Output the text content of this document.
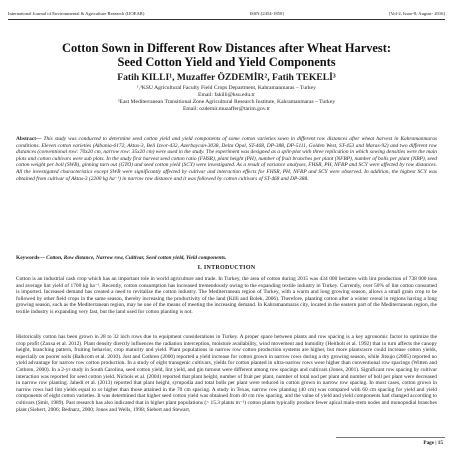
International Journal of Environmental & Agriculture Research (IJOEAR)	ISSN:[2454-1850]	[Vol-2, Issue-8, August- 2016]
Cotton Sown in Different Row Distances after Wheat Harvest:
Seed Cotton Yield and Yield Components
Fatih KILLI¹, Muzaffer ÖZDEMİR², Fatih TEKELİ³
¹,³KSU Agricultural Faculty Field Crops Department, Kahramanmaras – Turkey
Email: fakilli@ksu.edu.tr
²East Mediterranean Transitional Zone Agricultural Research Institute, Kahramanmaras – Turkey
Email: ozdemir.muzaffer@tarim.gov.tr
Abstract— This study was conducted to determine seed cotton yield and yield components of some cotton varieties sown in different row distances after wheat harvest in Kahramanmaras conditions. Eleven cotton varieties (Albania-6172, Aktas-3, Beli Izvor-432, Azerbaycan-3038, Delta Opal, ST-468, DP-388, DP-5111, Golden West, ST-453 and Maras-92) and two different row distances (conventional row: 70x20 cm, narrow row: 35x20 cm) were used in the study. The experiment was designed as a split-plot with three replication in which sowing densities were the main plots and cotton cultivars were sub plots. In the study first harvest seed cotton ratio (FHSR), plant height (PH), number of fruit branches per plant (NFBP), number of bolls per plant (NBP), seed cotton weight per boll (SWB), ginning turn out (GTO) and seed cotton yield (SCY) were investigated. As a result of variance analyses, FHSR, PH, NFBP and SCY were affected by row distances. All the investigated characteristics except SWB were significantly affected by cultivar and interaction effects for FHSR, PH, NFBP and SCY were observed. In addition, the highest SCY was obtained from cultivar of Aktas-3 (2200 kg ha⁻¹) in narrow row distance and it was followed by cotton cultivars of ST-468 and DP-388.
Keywords— Cotton, Row distance, Narrow row, Cultivar, Seed cotton yield, Yield components.
I. INTRODUCTION
Cotton is an industrial cash crop which has an important role in world agriculture and trade. In Turkey, the area of cotton during 2015 was 434 000 hectares with lint production of 738 000 tons and average lint yield of 1700 kg ha⁻¹. Recently, cotton consumption has increased tremendously owing to the expanding textile industry in Turkey. Currently, over 50% of lint cotton consumed is imported. Increased demand has created a need to revitalize the cotton industry. The Mediterranean region of Turkey, with a warm and long growing season, allows a small grain crop to be followed by other field crops in the same season, thereby increasing the productivity of the land (Killi and Bolek, 2006). Therefore, planting cotton after a winter cereal in regions having a long growing season, such as the Mediterranean region, may be one of the means of meeting the increasing demand. In Kahramanmaras city, located in the eastern part of the Mediterranean region, the textile industry is expanding very fast, but the land used for cotton planting is not.
Historically cotton has been grown in 28 to 32 inch rows due to equipment considerations in Turkey. A proper space between plants and row spacing is a key agronomic factor to optimize the crop profit (Zaxsa et al. 2012). Plant density directly influences the radiation interception, moisture availability, wind movement and humidity (Heitholt et al. 1992) that in turn affects the canopy height, branching pattern, fruiting behavior, crop maturity and yield. Plant populations in narrow row cotton production systems are higher, but more plants/acre could increase cotton yields, especially on poorer soils (Balkcom et al. 2010). Jost and Cothren (2000) reported a yield increase for cotton grown in narrow rows during a dry growing season, while Jitsujo (2005) reported no yield advantage for narrow row cotton production. In a study of eight transgenic cultivars, yields for cotton planted in ultra-narrow rows were higher than conventional row spacings (Witten and Cothren, 2000). In a 2-yr study in South Carolina, seed cotton yield, lint yield, and gin turnout were different among row spacings and cultivars (Jones, 2001). Significant row spacing by cultivar interaction was reported for seed cotton yield. Nichols et al. (2004) reported that plant height, number of fruit per plant, number of total nod per plant and number of boll per plant were decreased in narrow row planting. Jahedi et al. (2013) reported that plant height, sympodia and total bolls per plant were reduced in cotton grown in narrow row spacing. In most cases, cotton grown in narrow rows had lint yields equal to or higher than those attained in the 70 cm spacing. A study in Texas, narrow row planting (40 cm) was compared with 60 cm spacing for yield and yield components of eight cotton varieties. It was determined that higher seed cotton yield was obtained from 40 cm row spacing, and the value of yield and yield components had changed according to cultivars (Smit, 1989). Past research has also indicated that in higher plant populations (> 15.3 plants m⁻¹) cotton plants typically produce fewer apical main-stem nodes and monopodial branches plant (Siebert, 2006; Bednarz, 2000; Jones and Wells, 1998; Siebert and Stewart,
Page | 15
